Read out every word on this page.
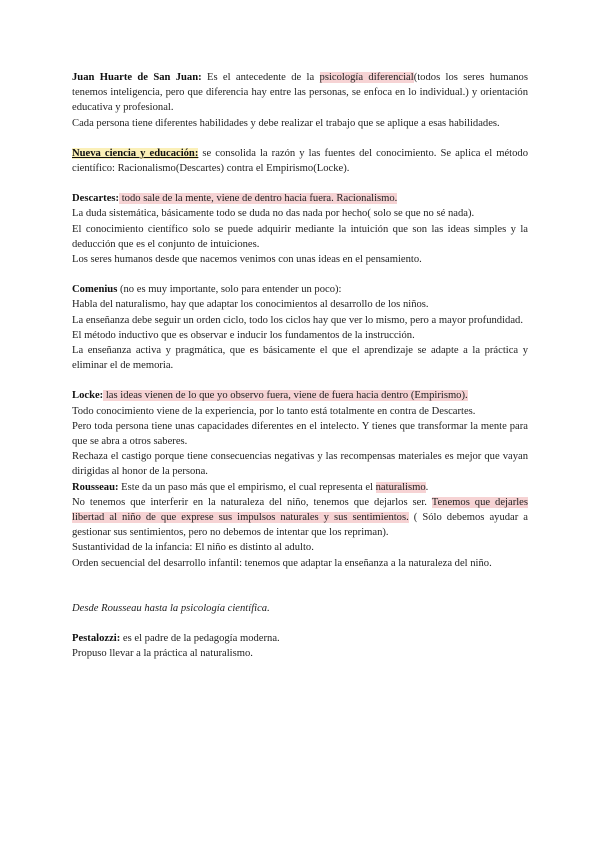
Juan Huarte de San Juan: Es el antecedente de la psicología diferencial(todos los seres humanos tenemos inteligencia, pero que diferencia hay entre las personas, se enfoca en lo individual.) y orientación educativa y profesional.

Cada persona tiene diferentes habilidades y debe realizar el trabajo que se aplique a esas habilidades.

Nueva ciencia y educación: se consolida la razón y las fuentes del conocimiento. Se aplica el método científico: Racionalismo(Descartes) contra el Empirismo(Locke).

Descartes: todo sale de la mente, viene de dentro hacia fuera. Racionalismo.

La duda sistemática, básicamente todo se duda no das nada por hecho( solo se que no sé nada).

El conocimiento científico solo se puede adquirir mediante la intuición que son las ideas simples y la deducción que es el conjunto de intuiciones.

Los seres humanos desde que nacemos venimos con unas ideas en el pensamiento.

Comenius (no es muy importante, solo para entender un poco):

Habla del naturalismo, hay que adaptar los conocimientos al desarrollo de los niños.

La enseñanza debe seguir un orden ciclo, todo los ciclos hay que ver lo mismo, pero a mayor profundidad.

El método inductivo que es observar e inducir los fundamentos de la instrucción.

La enseñanza activa y pragmática, que es básicamente el que el aprendizaje se adapte a la práctica y eliminar el de memoria.

Locke: las ideas vienen de lo que yo observo fuera, viene de fuera hacia dentro (Empirismo).

Todo conocimiento viene de la experiencia, por lo tanto está totalmente en contra de Descartes.

Pero toda persona tiene unas capacidades diferentes en el intelecto. Y tienes que transformar la mente para que se abra a otros saberes.

Rechaza el castigo porque tiene consecuencias negativas y las recompensas materiales es mejor que vayan dirigidas al honor de la persona.

Rousseau: Este da un paso más que el empirismo, el cual representa el naturalismo.

No tenemos que interferir en la naturaleza del niño, tenemos que dejarlos ser. Tenemos que dejarles libertad al niño de que exprese sus impulsos naturales y sus sentimientos. ( Sólo debemos ayudar a gestionar sus sentimientos, pero no debemos de intentar que los repriman).

Sustantividad de la infancia: El niño es distinto al adulto.

Orden secuencial del desarrollo infantil: tenemos que adaptar la enseñanza a la naturaleza del niño.

Desde Rousseau hasta la psicología científica.

Pestalozzi: es el padre de la pedagogía moderna.

Propuso llevar a la práctica al naturalismo.
